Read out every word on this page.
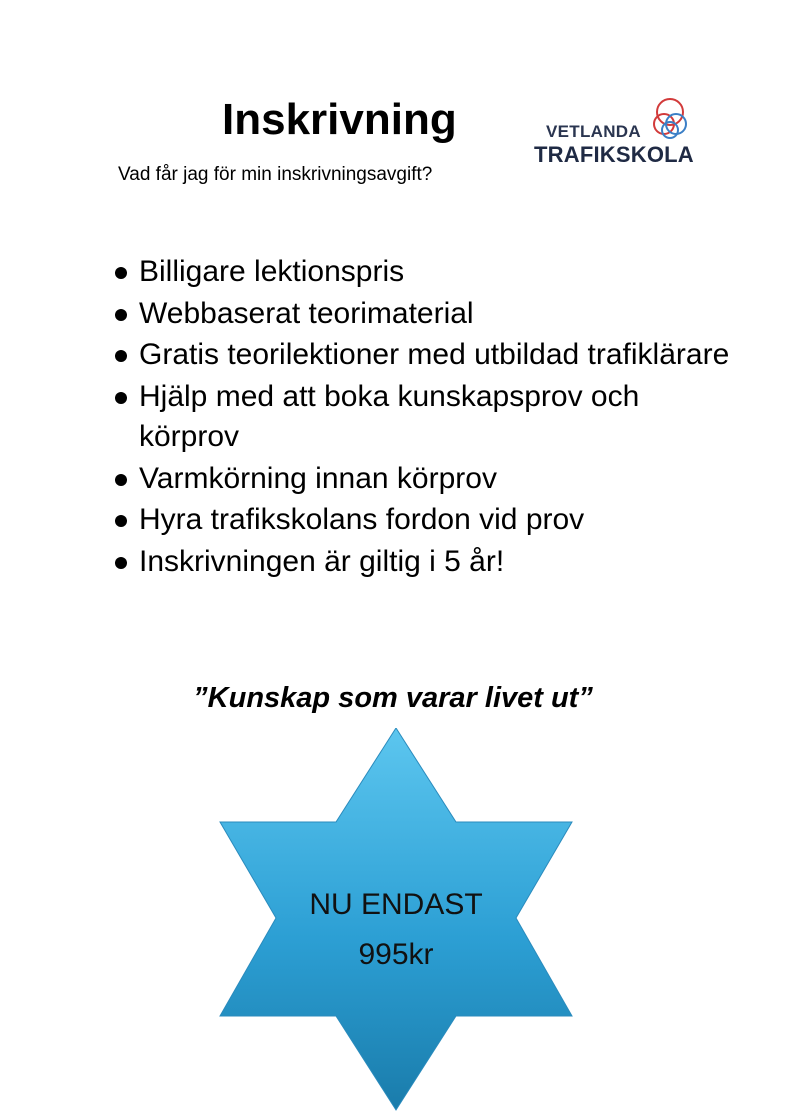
Inskrivning

Vad får jag för min inskrivningsavgift?

VETLANDA
TRAFIKSKOLA
Billigare lektionspris
Webbaserat teorimaterial
Gratis teorilektioner med utbildad trafiklärare
Hjälp med att boka kunskapsprov och körprov
Varmkörning innan körprov
Hyra trafikskolans fordon vid prov
Inskrivningen är giltig i 5 år!

”Kunskap som varar livet ut”

NU ENDAST
995kr
